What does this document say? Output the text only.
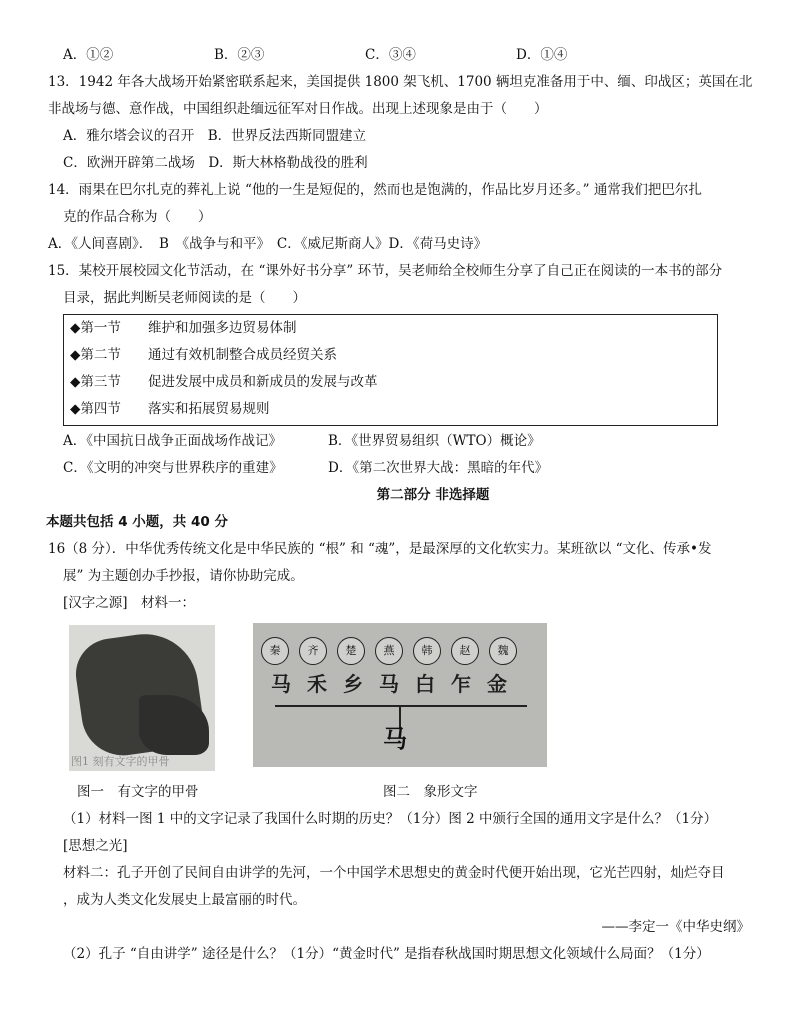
A．①②	B．②③	C．③④	D．①④
13．1942 年各大战场开始紧密联系起来，美国提供 1800 架飞机、1700 辆坦克准备用于中、缅、印战区；英国在北
非战场与德、意作战，中国组织赴缅远征军对日作战。出现上述现象是由于（　　）
A．雅尔塔会议的召开　B．世界反法西斯同盟建立
C．欧洲开辟第二战场　D．斯大林格勒战役的胜利
14．雨果在巴尔扎克的葬礼上说 “他的一生是短促的，然而也是饱满的，作品比岁月还多。” 通常我们把巴尔扎
克的作品合称为（　　）
A．《人间喜剧》．　B　《战争与和平》　C．《威尼斯商人》D．《荷马史诗》
15．某校开展校园文化节活动，在 “课外好书分享” 环节，吴老师给全校师生分享了自己正在阅读的一本书的部分
目录，据此判断吴老师阅读的是（　　）
◆第一节 维护和加强多边贸易体制
◆第二节 通过有效机制整合成员经贸关系
◆第三节 促进发展中成员和新成员的发展与改革
◆第四节 落实和拓展贸易规则
A．《中国抗日战争正面战场作战记》	B．《世界贸易组织（WTO）概论》
C．《文明的冲突与世界秩序的重建》	D．《第二次世界大战：黑暗的年代》
第二部分 非选择题
本题共包括 4 小题，共 40 分
16（8 分）．中华优秀传统文化是中华民族的 “根” 和 “魂”，是最深厚的文化软实力。某班欲以 “文化、传承•发
展” 为主题创办手抄报，请你协助完成。
[汉字之源]　材料一：
图1 刻有文字的甲骨
秦	齐	楚	燕	韩	赵	魏
马 禾 乡 马 白 乍 金
马
图一　有文字的甲骨	图二　象形文字
（1）材料一图 1 中的文字记录了我国什么时期的历史？（1分）图 2 中颁行全国的通用文字是什么？（1分）
[思想之光]
材料二：孔子开创了民间自由讲学的先河，一个中国学术思想史的黄金时代便开始出现，它光芒四射，灿烂夺目
，成为人类文化发展史上最富丽的时代。
——李定一《中华史纲》
（2）孔子 “自由讲学” 途径是什么？（1分）“黄金时代” 是指春秋战国时期思想文化领域什么局面？（1分）
